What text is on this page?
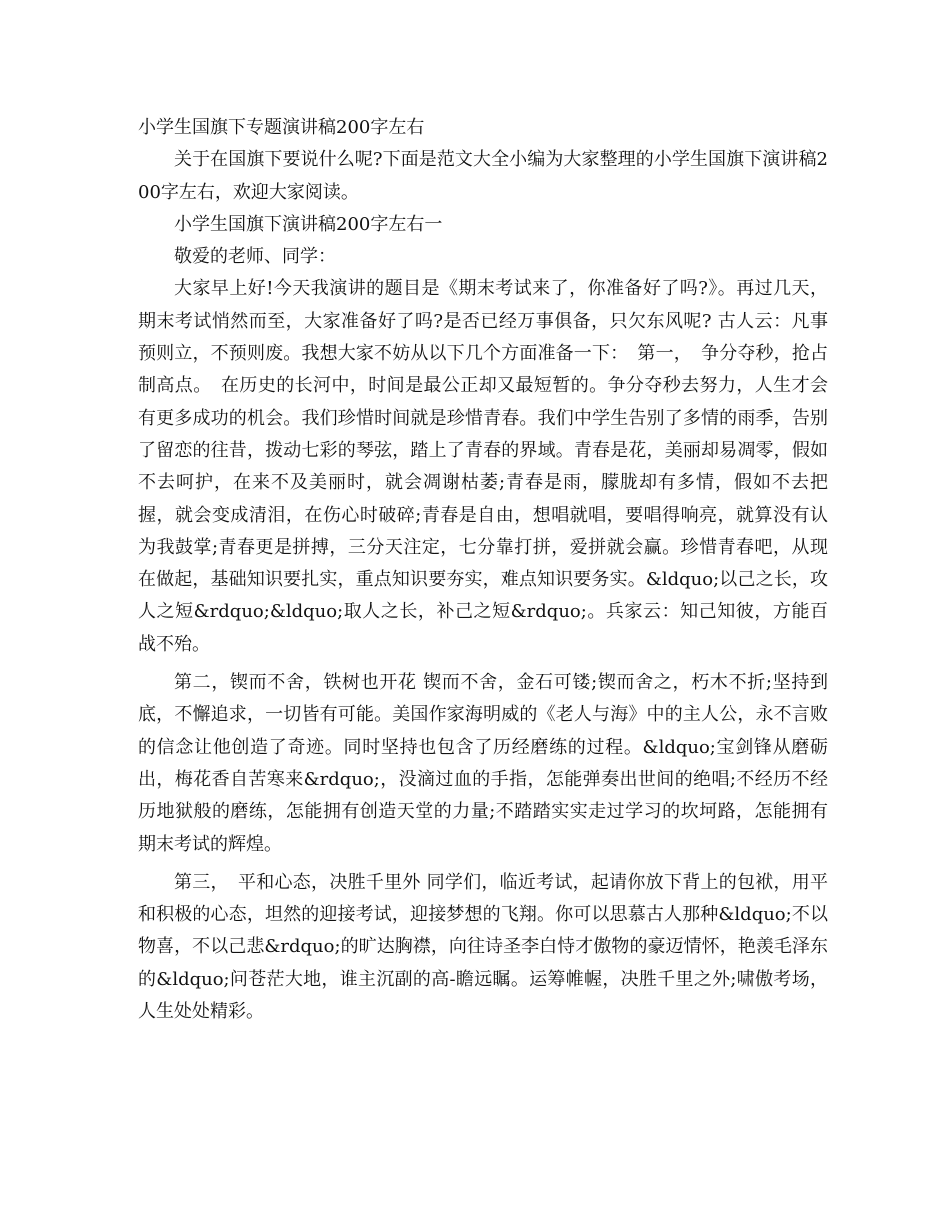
小学生国旗下专题演讲稿200字左右

关于在国旗下要说什么呢?下面是范文大全小编为大家整理的小学生国旗下演讲稿200字左右，欢迎大家阅读。

小学生国旗下演讲稿200字左右一

敬爱的老师、同学：

大家早上好!今天我演讲的题目是《期末考试来了，你准备好了吗?》。再过几天，期末考试悄然而至，大家准备好了吗?是否已经万事俱备，只欠东风呢? 古人云：凡事预则立，不预则废。我想大家不妨从以下几个方面准备一下：　第一，　争分夺秒，抢占制高点。　在历史的长河中，时间是最公正却又最短暂的。争分夺秒去努力，人生才会有更多成功的机会。我们珍惜时间就是珍惜青春。我们中学生告别了多情的雨季，告别了留恋的往昔，拨动七彩的琴弦，踏上了青春的界域。青春是花，美丽却易凋零，假如不去呵护，在来不及美丽时，就会凋谢枯萎;青春是雨，朦胧却有多情，假如不去把握，就会变成清泪，在伤心时破碎;青春是自由，想唱就唱，要唱得响亮，就算没有认为我鼓掌;青春更是拼搏，三分天注定，七分靠打拼，爱拼就会赢。珍惜青春吧，从现在做起，基础知识要扎实，重点知识要夯实，难点知识要务实。&ldquo;以己之长，攻人之短&rdquo;&ldquo;取人之长，补己之短&rdquo;。兵家云：知己知彼，方能百战不殆。

第二，锲而不舍，铁树也开花 锲而不舍，金石可镂;锲而舍之，朽木不折;坚持到底，不懈追求，一切皆有可能。美国作家海明威的《老人与海》中的主人公，永不言败的信念让他创造了奇迹。同时坚持也包含了历经磨练的过程。&ldquo;宝剑锋从磨砺出，梅花香自苦寒来&rdquo;，没滴过血的手指，怎能弹奏出世间的绝唱;不经历不经历地狱般的磨练，怎能拥有创造天堂的力量;不踏踏实实走过学习的坎坷路，怎能拥有期末考试的辉煌。

第三，　平和心态，决胜千里外 同学们，临近考试，起请你放下背上的包袱，用平和积极的心态，坦然的迎接考试，迎接梦想的飞翔。你可以思慕古人那种&ldquo;不以物喜，不以己悲&rdquo;的旷达胸襟，向往诗圣李白恃才傲物的豪迈情怀，艳羡毛泽东的&ldquo;问苍茫大地，谁主沉副的高-瞻远瞩。运筹帷幄，决胜千里之外;啸傲考场，人生处处精彩。
